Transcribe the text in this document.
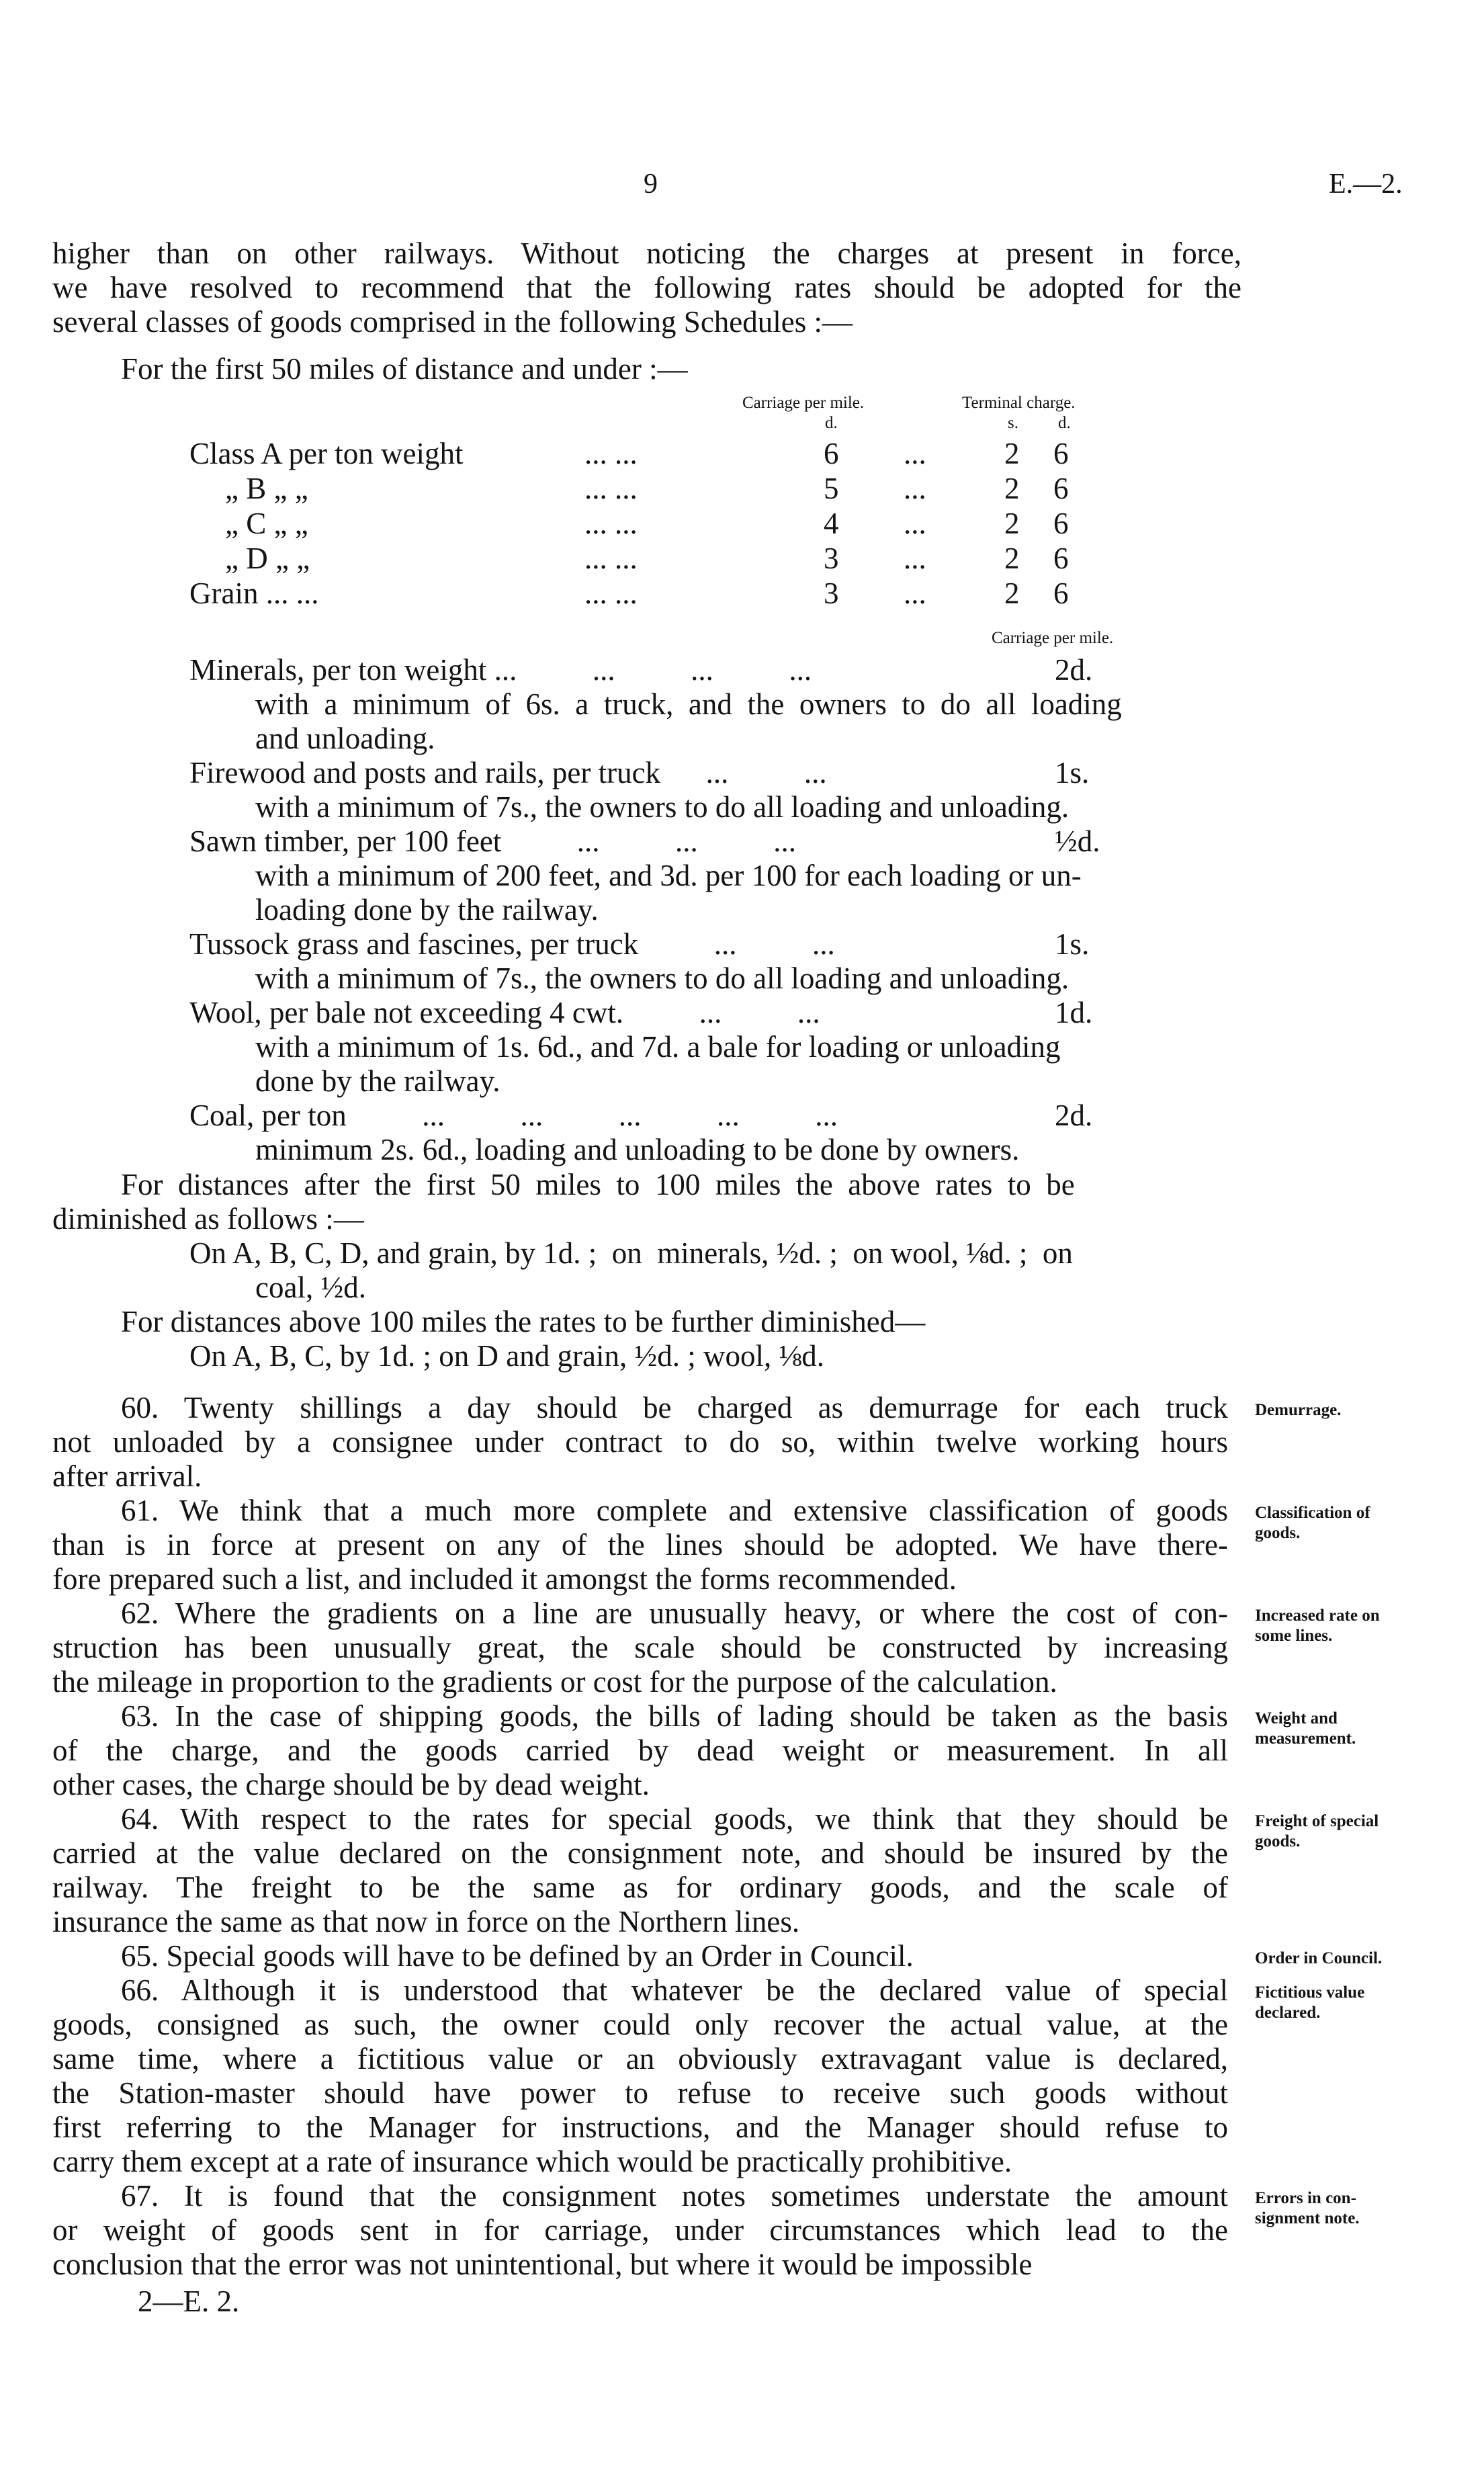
9	E.—2.
higher than on other railways. Without noticing the charges at present in force,
we have resolved to recommend that the following rates should be adopted for the
several classes of goods comprised in the following Schedules :—
For the first 50 miles of distance and under :—
Carriage per mile.	Terminal charge.
d.	s. d.
Class A per ton weight	... ...	6 ...	2 6
„ B „ „	... ...	5 ...	2 6
„ C „ „	... ...	4 ...	2 6
„ D „ „	... ...	3 ...	2 6
Grain ... ...	... ...	3 ...	2 6
Carriage per mile.
Minerals, per ton weight ...          ...          ...          ...	2d.
with  a  minimum  of  6s.  a  truck,  and  the  owners  to  do  all  loading
and unloading.
Firewood and posts and rails, per truck      ...          ...	1s.
with a minimum of 7s., the owners to do all loading and unloading.
Sawn timber, per 100 feet          ...          ...          ...	½d.
with a minimum of 200 feet, and 3d. per 100 for each loading or un-
loading done by the railway.
Tussock grass and fascines, per truck          ...          ...	1s.
with a minimum of 7s., the owners to do all loading and unloading.
Wool, per bale not exceeding 4 cwt.          ...          ...	1d.
with a minimum of 1s. 6d., and 7d. a bale for loading or unloading
done by the railway.
Coal, per ton          ...          ...          ...          ...          ...	2d.
minimum 2s. 6d., loading and unloading to be done by owners.
For  distances  after  the  first  50  miles  to  100  miles  the  above  rates  to  be
diminished as follows :—
On A, B, C, D, and grain, by 1d. ;  on  minerals, ½d. ;  on wool, ⅛d. ;  on
coal, ½d.
For distances above 100 miles the rates to be further diminished—
On A, B, C, by 1d. ; on D and grain, ½d. ; wool, ⅛d.
60. Twenty shillings a day should be charged as demurrage for each truck
not unloaded by a consignee under contract to do so, within twelve working hours
after arrival.
Demurrage.
61. We think that a much more complete and extensive classification of goods
than is in force at present on any of the lines should be adopted. We have there-
fore prepared such a list, and included it amongst the forms recommended.
Classification of
goods.
62. Where the gradients on a line are unusually heavy, or where the cost of con-
struction has been unusually great, the scale should be constructed by increasing
the mileage in proportion to the gradients or cost for the purpose of the calculation.
Increased rate on
some lines.
63. In the case of shipping goods, the bills of lading should be taken as the basis
of the charge, and the goods carried by dead weight or measurement. In all
other cases, the charge should be by dead weight.
Weight and
measurement.
64. With respect to the rates for special goods, we think that they should be
carried at the value declared on the consignment note, and should be insured by the
railway. The freight to be the same as for ordinary goods, and the scale of
insurance the same as that now in force on the Northern lines.
Freight of special
goods.
65. Special goods will have to be defined by an Order in Council.	Order in Council.
66. Although it is understood that whatever be the declared value of special
goods, consigned as such, the owner could only recover the actual value, at the
same time, where a fictitious value or an obviously extravagant value is declared,
the Station-master should have power to refuse to receive such goods without
first referring to the Manager for instructions, and the Manager should refuse to
carry them except at a rate of insurance which would be practically prohibitive.
Fictitious value
declared.
67. It is found that the consignment notes sometimes understate the amount
or weight of goods sent in for carriage, under circumstances which lead to the
conclusion that the error was not unintentional, but where it would be impossible
Errors in con-
signment note.
2—E. 2.
